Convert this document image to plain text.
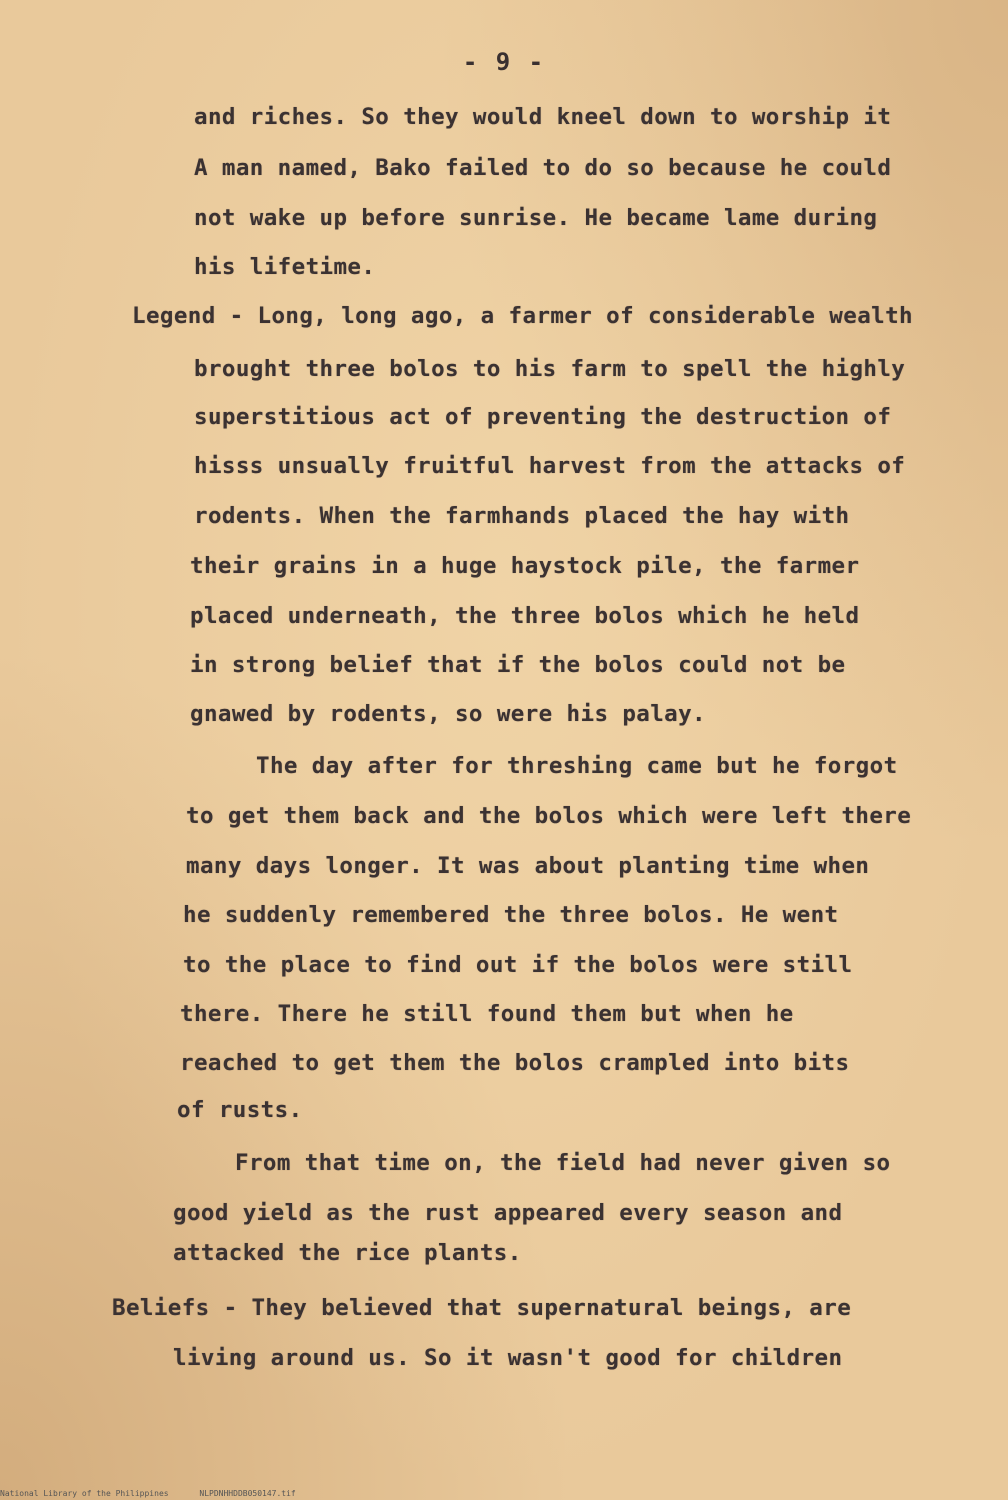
- 9 -
and riches. So they would kneel down to worship it
A man named, Bako failed to do so because he could
not wake up before sunrise. He became lame during
his lifetime.
Legend - Long, long ago, a farmer of considerable wealth
brought three bolos to his farm to spell the highly
superstitious act of preventing the destruction of
hisss unsually fruitful harvest from the attacks of
rodents. When the farmhands placed the hay with
their grains in a huge haystock pile, the farmer
placed underneath, the three bolos which he held
in strong belief that if the bolos could not be
gnawed by rodents, so were his palay.
The day after for threshing came but he forgot
to get them back and the bolos which were left there
many days longer. It was about planting time when
he suddenly remembered the three bolos. He went
to the place to find out if the bolos were still
there. There he still found them but when he
reached to get them the bolos crampled into bits
of rusts.
From that time on, the field had never given so
good yield as the rust appeared every season and
attacked the rice plants.
Beliefs - They believed that supernatural beings, are
living around us. So it wasn't good for children
National Library of the Philippines	NLPDNHHDDB050147.tif
